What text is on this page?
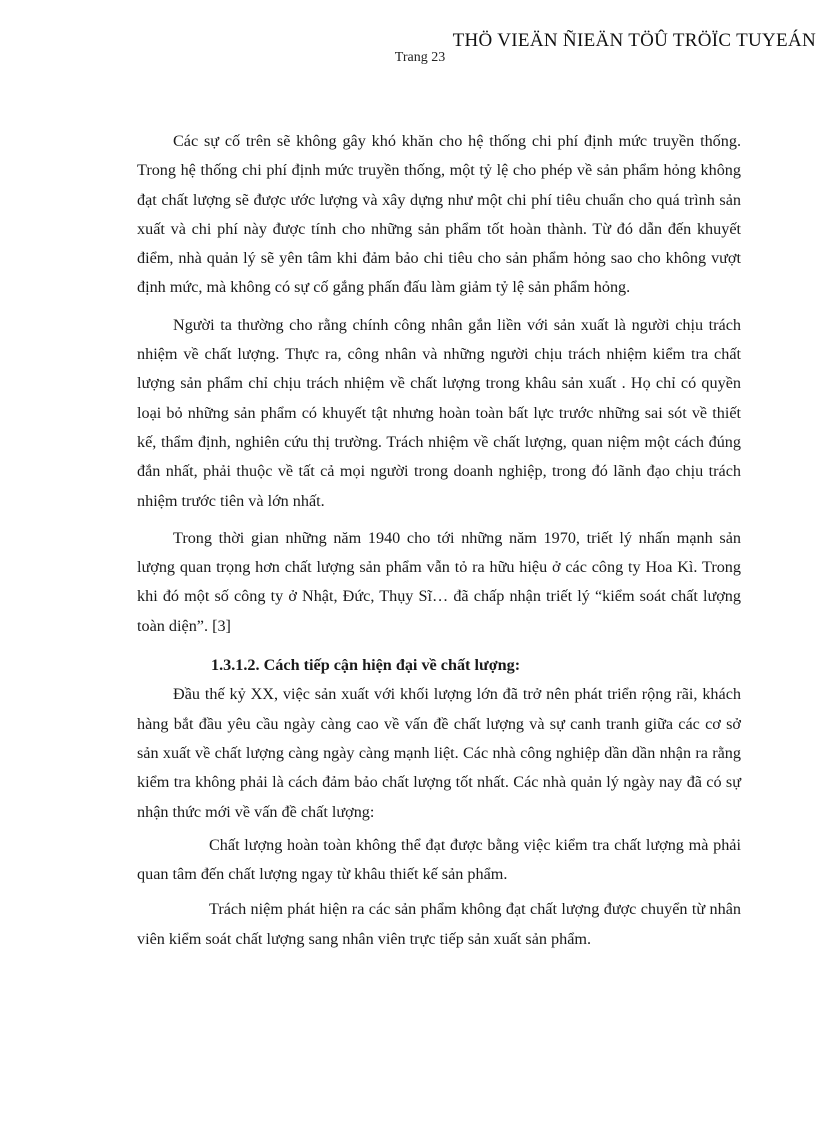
THÖ VIEÄN ÑIEÄN TÖÛ TRÖÏC TUYEÁN
Trang 23

Các sự cố trên sẽ không gây khó khăn cho hệ thống chi phí định mức truyền thống. Trong hệ thống chi phí định mức truyền thống, một tỷ lệ cho phép về sản phẩm hỏng không đạt chất lượng sẽ được ước lượng và xây dựng như một chi phí tiêu chuẩn cho quá trình sản xuất và chi phí này được tính cho những sản phẩm tốt hoàn thành. Từ đó dẫn đến khuyết điểm, nhà quản lý sẽ yên tâm khi đảm bảo chi tiêu cho sản phẩm hỏng sao cho không vượt định mức, mà không có sự cố gắng phấn đấu làm giảm tỷ lệ sản phẩm hỏng.

Người ta thường cho rằng chính công nhân gắn liền với sản xuất là người chịu trách nhiệm về chất lượng. Thực ra, công nhân và những người chịu trách nhiệm kiểm tra chất lượng sản phẩm chỉ chịu trách nhiệm về chất lượng trong khâu sản xuất . Họ chỉ có quyền loại bỏ những sản phẩm có khuyết tật nhưng hoàn toàn bất lực trước những sai sót về thiết kế, thẩm định, nghiên cứu thị trường. Trách nhiệm về chất lượng, quan niệm một cách đúng đắn nhất, phải thuộc về tất cả mọi người trong doanh nghiệp, trong đó lãnh đạo chịu trách nhiệm trước tiên và lớn nhất.

Trong thời gian những năm 1940 cho tới những năm 1970, triết lý nhấn mạnh sản lượng quan trọng hơn chất lượng sản phẩm vẫn tỏ ra hữu hiệu ở các công ty Hoa Kì. Trong khi đó một số công ty ở Nhật, Đức, Thụy Sĩ… đã chấp nhận triết lý “kiểm soát chất lượng toàn diện”. [3]

1.3.1.2. Cách tiếp cận hiện đại về chất lượng:

Đầu thế kỷ XX, việc sản xuất với khối lượng lớn đã trở nên phát triển rộng rãi, khách hàng bắt đầu yêu cầu ngày càng cao về vấn đề chất lượng và sự canh tranh giữa các cơ sở sản xuất về chất lượng càng ngày càng mạnh liệt. Các nhà công nghiệp dần dần nhận ra rằng kiểm tra không phải là cách đảm bảo chất lượng tốt nhất. Các nhà quản lý ngày nay đã có sự nhận thức mới về vấn đề chất lượng:

Chất lượng hoàn toàn không thể đạt được bằng việc kiểm tra chất lượng mà phải quan tâm đến chất lượng ngay từ khâu thiết kế sản phẩm.

Trách niệm phát hiện ra các sản phẩm không đạt chất lượng được chuyển từ nhân viên kiểm soát chất lượng sang nhân viên trực tiếp sản xuất sản phẩm.
